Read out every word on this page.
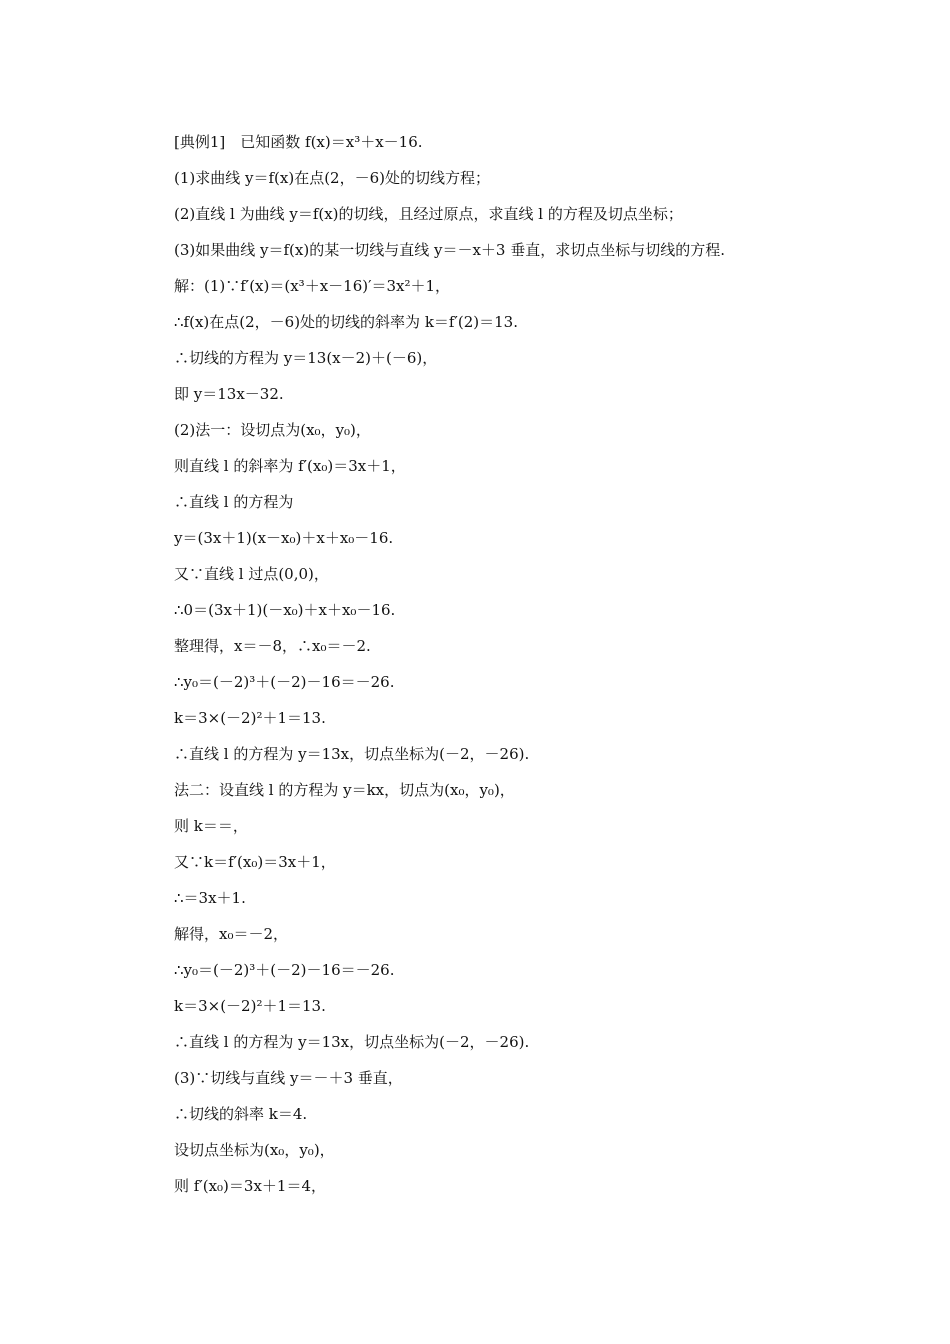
[典例1]　已知函数 f(x)＝x³＋x－16.
(1)求曲线 y＝f(x)在点(2，－6)处的切线方程；
(2)直线 l 为曲线 y＝f(x)的切线，且经过原点，求直线 l 的方程及切点坐标；
(3)如果曲线 y＝f(x)的某一切线与直线 y＝－x＋3 垂直，求切点坐标与切线的方程.
解：(1)∵f′(x)＝(x³＋x－16)′＝3x²＋1，
∴f(x)在点(2，－6)处的切线的斜率为 k＝f′(2)＝13.
∴切线的方程为 y＝13(x－2)＋(－6)，
即 y＝13x－32.
(2)法一：设切点为(x₀，y₀)，
则直线 l 的斜率为 f′(x₀)＝3x＋1，
∴直线 l 的方程为
y＝(3x＋1)(x－x₀)＋x＋x₀－16.
又∵直线 l 过点(0,0)，
∴0＝(3x＋1)(－x₀)＋x＋x₀－16.
整理得，x＝－8，∴x₀＝－2.
∴y₀＝(－2)³＋(－2)－16＝－26.
k＝3×(－2)²＋1＝13.
∴直线 l 的方程为 y＝13x，切点坐标为(－2，－26).
法二：设直线 l 的方程为 y＝kx，切点为(x₀，y₀)，
则 k＝＝，
又∵k＝f′(x₀)＝3x＋1，
∴＝3x＋1.
解得，x₀＝－2，
∴y₀＝(－2)³＋(－2)－16＝－26.
k＝3×(－2)²＋1＝13.
∴直线 l 的方程为 y＝13x，切点坐标为(－2，－26).
(3)∵切线与直线 y＝－＋3 垂直，
∴切线的斜率 k＝4.
设切点坐标为(x₀，y₀)，
则 f′(x₀)＝3x＋1＝4，
